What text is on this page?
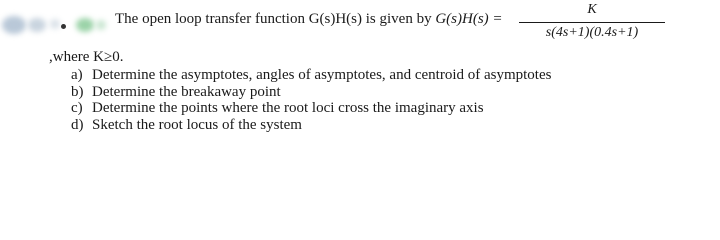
The open loop transfer function G(s)H(s) is given by G(s)H(s) =
K
s(4s+1)(0.4s+1)
,where K≥0.
a) Determine the asymptotes, angles of asymptotes, and centroid of asymptotes
b) Determine the breakaway point
c) Determine the points where the root loci cross the imaginary axis
d) Sketch the root locus of the system
